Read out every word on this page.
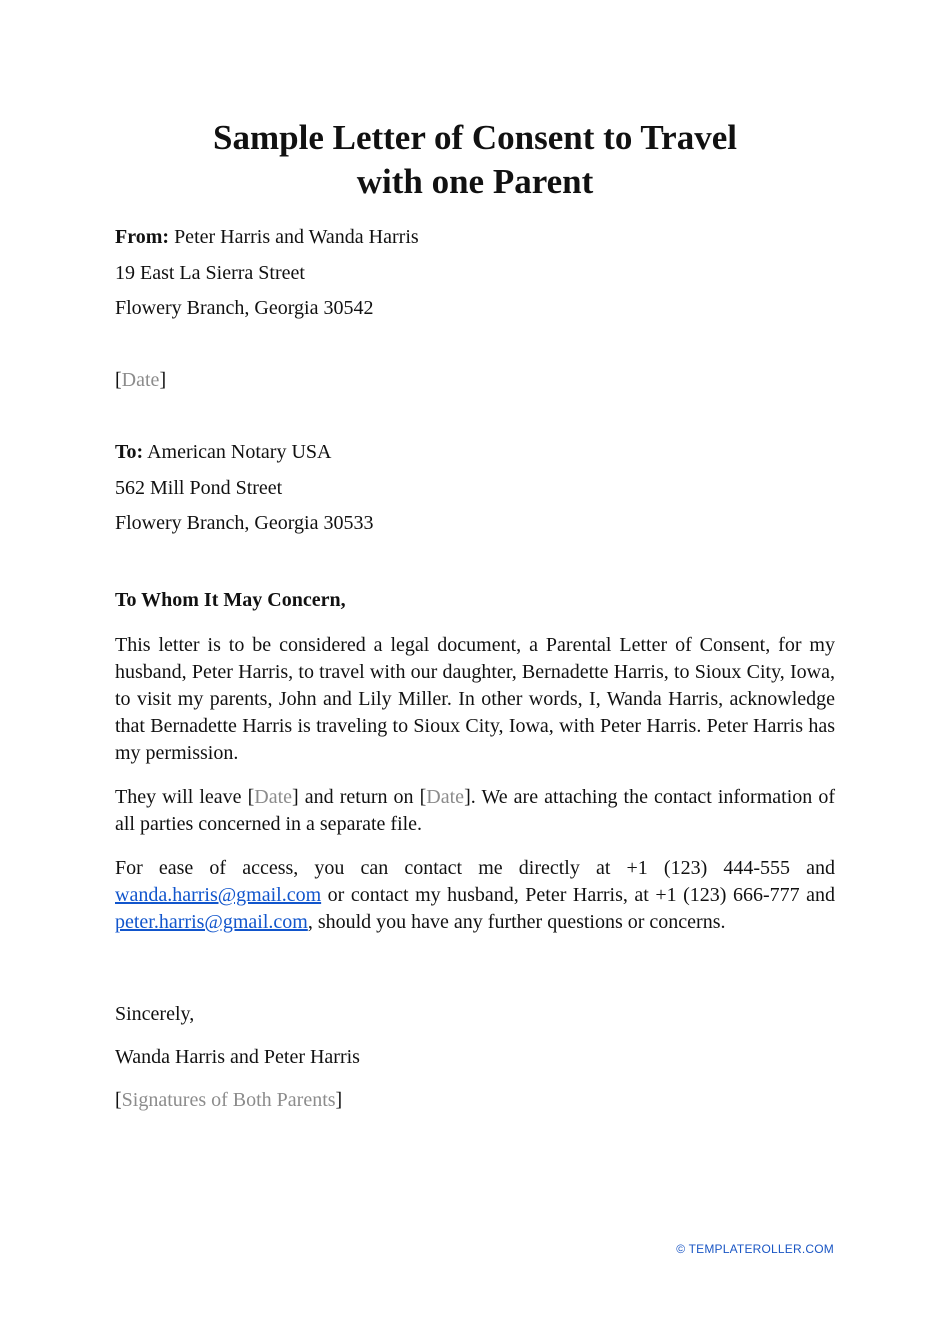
Sample Letter of Consent to Travel
with one Parent
From: Peter Harris and Wanda Harris
19 East La Sierra Street
Flowery Branch, Georgia 30542
[Date]
To: American Notary USA
562 Mill Pond Street
Flowery Branch, Georgia 30533
To Whom It May Concern,

This letter is to be considered a legal document, a Parental Letter of Consent, for my husband, Peter Harris, to travel with our daughter, Bernadette Harris, to Sioux City, Iowa, to visit my parents, John and Lily Miller. In other words, I, Wanda Harris, acknowledge that Bernadette Harris is traveling to Sioux City, Iowa, with Peter Harris. Peter Harris has my permission.

They will leave [Date] and return on [Date]. We are attaching the contact information of all parties concerned in a separate file.

For ease of access, you can contact me directly at +1 (123) 444-555 and wanda.harris@gmail.com or contact my husband, Peter Harris, at +1 (123) 666-777 and peter.harris@gmail.com, should you have any further questions or concerns.

Sincerely,
Wanda Harris and Peter Harris
[Signatures of Both Parents]
© TEMPLATEROLLER.COM
